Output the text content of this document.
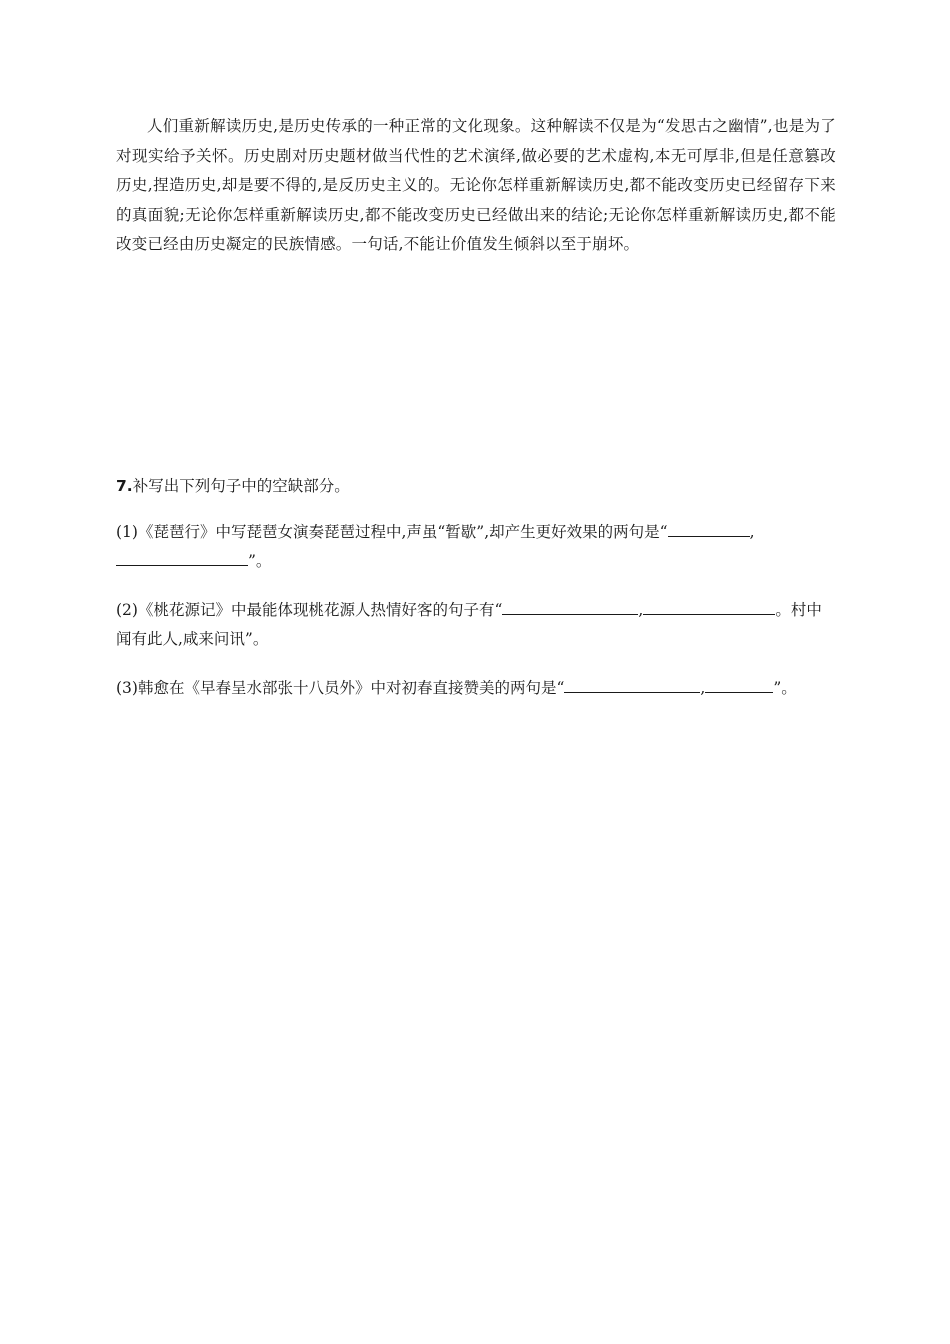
人们重新解读历史,是历史传承的一种正常的文化现象。这种解读不仅是为“发思古之幽情”,也是为了对现实给予关怀。历史剧对历史题材做当代性的艺术演绎,做必要的艺术虚构,本无可厚非,但是任意篡改历史,捏造历史,却是要不得的,是反历史主义的。无论你怎样重新解读历史,都不能改变历史已经留存下来的真面貌;无论你怎样重新解读历史,都不能改变历史已经做出来的结论;无论你怎样重新解读历史,都不能改变已经由历史凝定的民族情感。一句话,不能让价值发生倾斜以至于崩坏。

7.补写出下列句子中的空缺部分。

(1)《琵琶行》中写琵琶女演奏琵琶过程中,声虽“暂歇”,却产生更好效果的两句是“	,”。

(2)《桃花源记》中最能体现桃花源人热情好客的句子有“	,	。村中闻有此人,咸来问讯”。

(3)韩愈在《早春呈水部张十八员外》中对初春直接赞美的两句是“	,	”。
